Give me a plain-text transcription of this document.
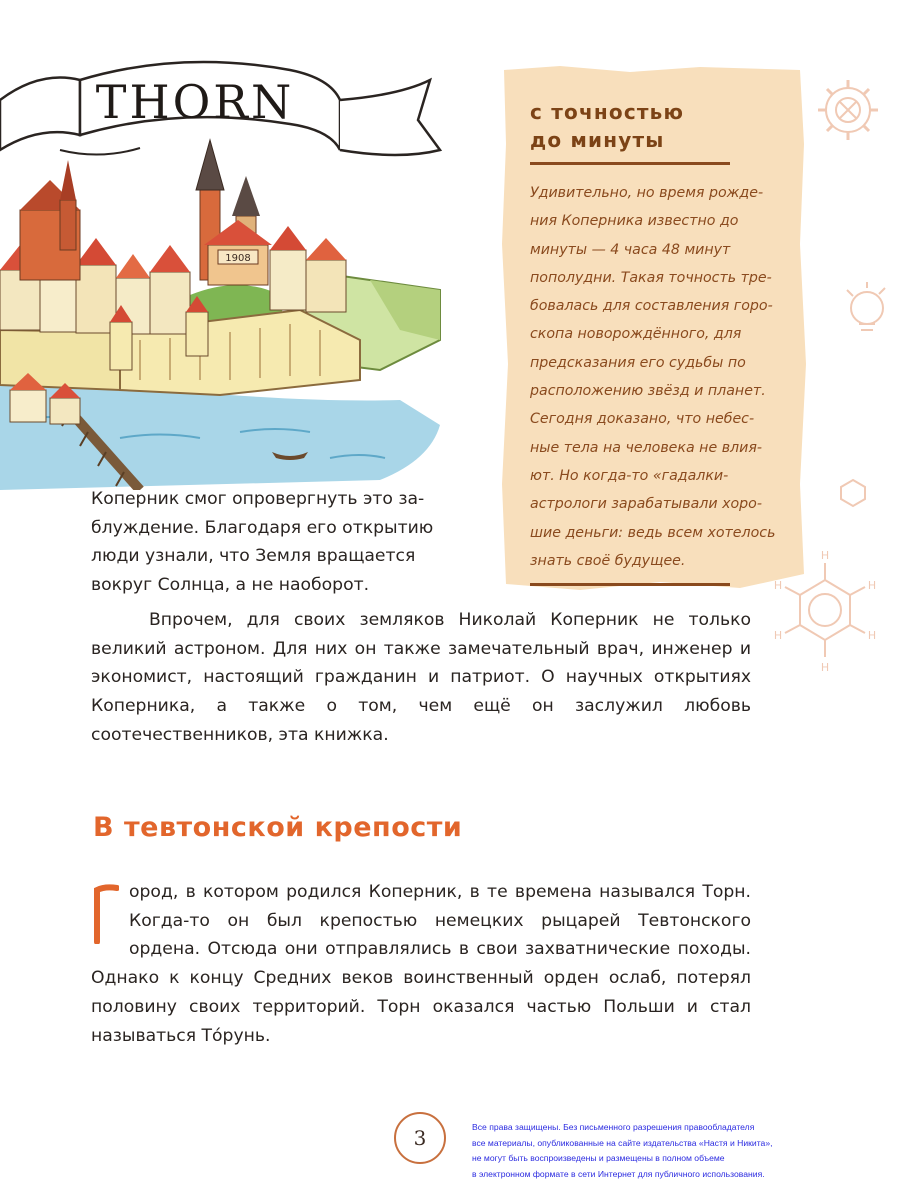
1908
THORN	с точностью
до минуты

Удивительно, но время рожде-
ния Коперника известно до
минуты — 4 часа 48 минут
пополудни. Такая точность тре-
бовалась для составления горо-
скопа новорождённого, для
предсказания его судьбы по
расположению звёзд и планет.
Сегодня доказано, что небес-
ные тела на человека не влия-
ют. Но когда-то «гадалки-
астрологи зарабатывали хоро-
шие деньги: ведь всем хотелось
знать своё будущее.	H
H
H
H
H
H

Коперник смог опровергнуть это за-
блуждение. Благодаря его открытию
люди узнали, что Земля вращается
вокруг Солнца, а не наоборот.

Впрочем, для своих земляков Николай Коперник не только великий астроном. Для них он также замечательный врач, инженер и экономист, настоящий гражданин и патриот. О научных открытиях Коперника, а также о том, чем ещё он заслужил любовь соотечественников, эта книжка.

В тевтонской крепости

ород, в котором родился Коперник, в те времена назывался Торн. Когда-то он был крепостью немецких рыцарей Тевтонского ордена. Отсюда они отправлялись в свои захватнические походы. Однако к концу Средних веков воинственный орден ослаб, потерял половину своих территорий. Торн оказался частью Польши и стал называться То́рунь.

3	Все права защищены. Без письменного разрешения правообладателя
все материалы, опубликованные на сайте издательства «Настя и Никита»,
не могут быть воспроизведены и размещены в полном объеме
в электронном формате в сети Интернет для публичного использования.
